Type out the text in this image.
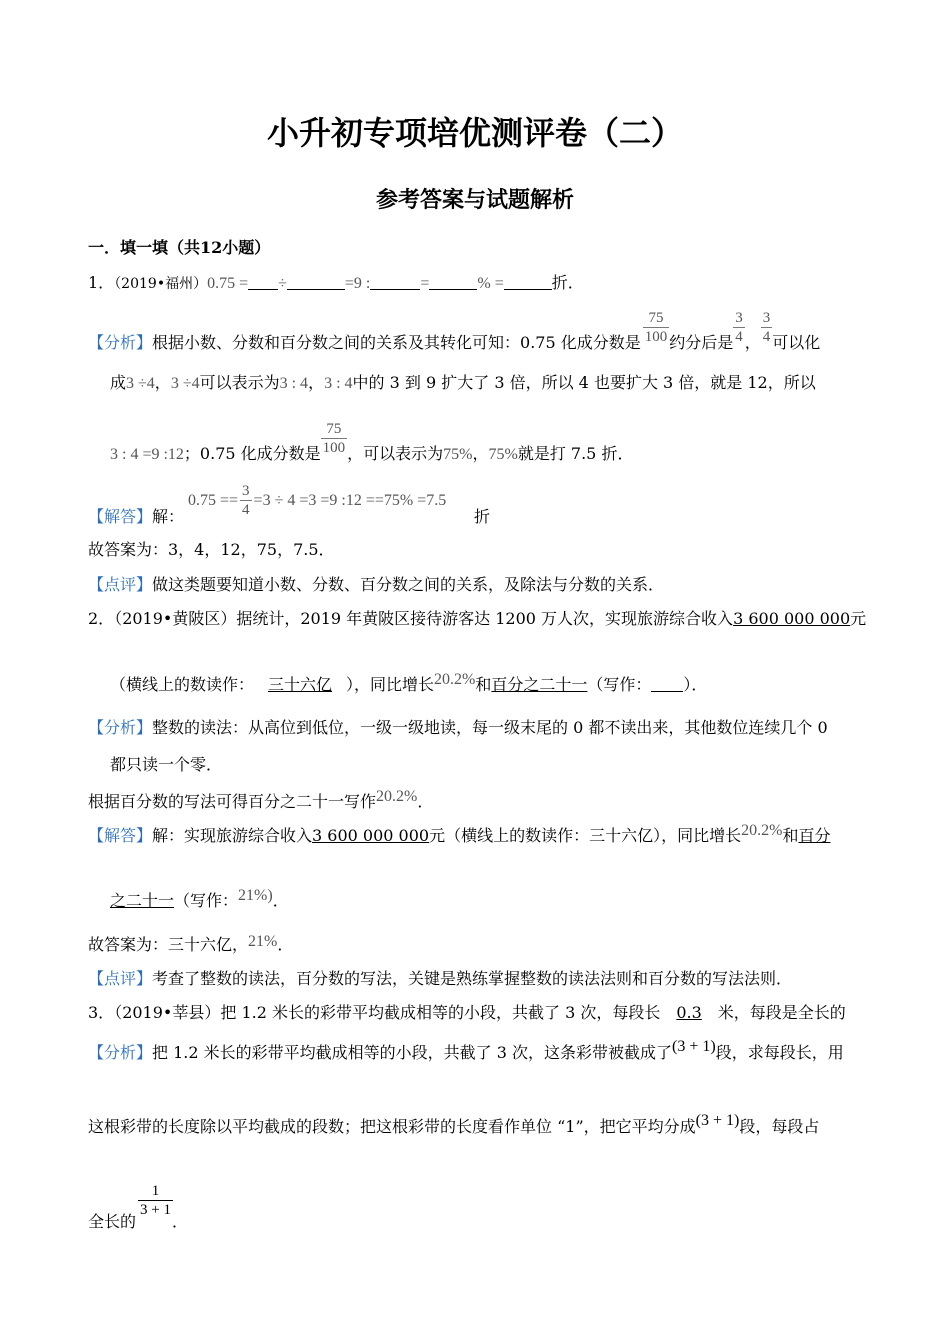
小升初专项培优测评卷（二）
参考答案与试题解析
一．填一填（共12小题）
1．（2019•福州）0.75 = ÷	=9 :	=	% =	折．
【分析】根据小数、分数和百分数之间的关系及其转化可知：0.75 化成分数是 $\frac{75}{100}$ 约分后是 $\frac{3}{4}$ ， $\frac{3}{4}$ 可以化
成3 ÷4，3 ÷4可以表示为3 : 4，3 : 4中的 3 到 9 扩大了 3 倍，所以 4 也要扩大 3 倍，就是 12，所以
3 : 4 =9 :12；0.75 化成分数是 $\frac{75}{100}$ ，可以表示为75%，75%就是打 7.5 折．
【解答】解：
$0.75 == \frac{3}{4} =3 \div 4 =3 =9$ :12 ==75% =7.5
折
故答案为：3，4，12，75，7.5．
【点评】做这类题要知道小数、分数、百分数之间的关系，及除法与分数的关系．
2．（2019•黄陂区）据统计，2019 年黄陂区接待游客达 1200 万人次，实现旅游综合收入3 600 000 000元
（横线上的数读作： 三十六亿 ），同比增长20.2%和百分之二十一（写作： ）．
【分析】整数的读法：从高位到低位，一级一级地读，每一级末尾的 0 都不读出来，其他数位连续几个 0
都只读一个零．
根据百分数的写法可得百分之二十一写作20.2%．
【解答】解：实现旅游综合收入3 600 000 000元（横线上的数读作：三十六亿），同比增长20.2%和百分
之二十一（写作：21%)．
故答案为：三十六亿，21%．
【点评】考查了整数的读法，百分数的写法，关键是熟练掌握整数的读法法则和百分数的写法法则．
3．（2019•莘县）把 1.2 米长的彩带平均截成相等的小段，共截了 3 次，每段长 0.3 米，每段是全长的
【分析】把 1.2 米长的彩带平均截成相等的小段，共截了 3 次，这条彩带被截成了(3 + 1)段，求每段长，用
这根彩带的长度除以平均截成的段数；把这根彩带的长度看作单位 “1”，把它平均分成(3 + 1)段，每段占
全长的
$\frac{1}{3 + 1}$
．
